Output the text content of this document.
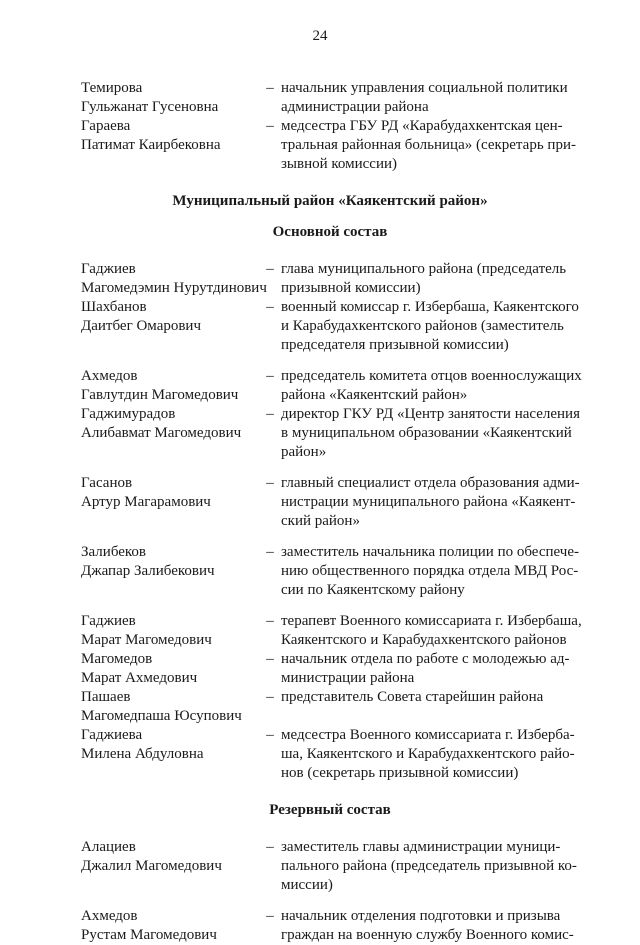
24
Темирова
Гульжанат Гусеновна
– начальник управления социальной политики
администрации района
Гараева
Патимат Каирбековна
– медсестра ГБУ РД «Карабудахкентская цен-
тральная районная больница» (секретарь при-
зывной комиссии)
Муниципальный район «Каякентский район»
Основной состав
Гаджиев
Магомедэмин Нурутдинович
– глава муниципального района (председатель
призывной комиссии)
Шахбанов
Даитбег Омарович
– военный комиссар г. Избербаша, Каякентского
и Карабудахкентского районов (заместитель
председателя призывной комиссии)
Ахмедов
Гавлутдин Магомедович
– председатель комитета отцов военнослужащих
района «Каякентский район»
Гаджимурадов
Алибавмат Магомедович
– директор ГКУ РД «Центр занятости населения
в муниципальном образовании «Каякентский
район»
Гасанов
Артур Магарамович
– главный специалист отдела образования адми-
нистрации муниципального района «Каякент-
ский район»
Залибеков
Джапар Залибекович
– заместитель начальника полиции по обеспече-
нию общественного порядка отдела МВД Рос-
сии по Каякентскому району
Гаджиев
Марат Магомедович
– терапевт Военного комиссариата г. Избербаша,
Каякентского и Карабудахкентского районов
Магомедов
Марат Ахмедович
– начальник отдела по работе с молодежью ад-
министрации района
Пашаев
Магомедпаша Юсупович
– представитель Совета старейшин района
Гаджиева
Милена Абдуловна
– медсестра Военного комиссариата г. Изберба-
ша, Каякентского и Карабудахкентского райо-
нов (секретарь призывной комиссии)
Резервный состав
Алациев
Джалил Магомедович
– заместитель главы администрации муници-
пального района (председатель призывной ко-
миссии)
Ахмедов
Рустам Магомедович
– начальник отделения подготовки и призыва
граждан на военную службу Военного комис-
